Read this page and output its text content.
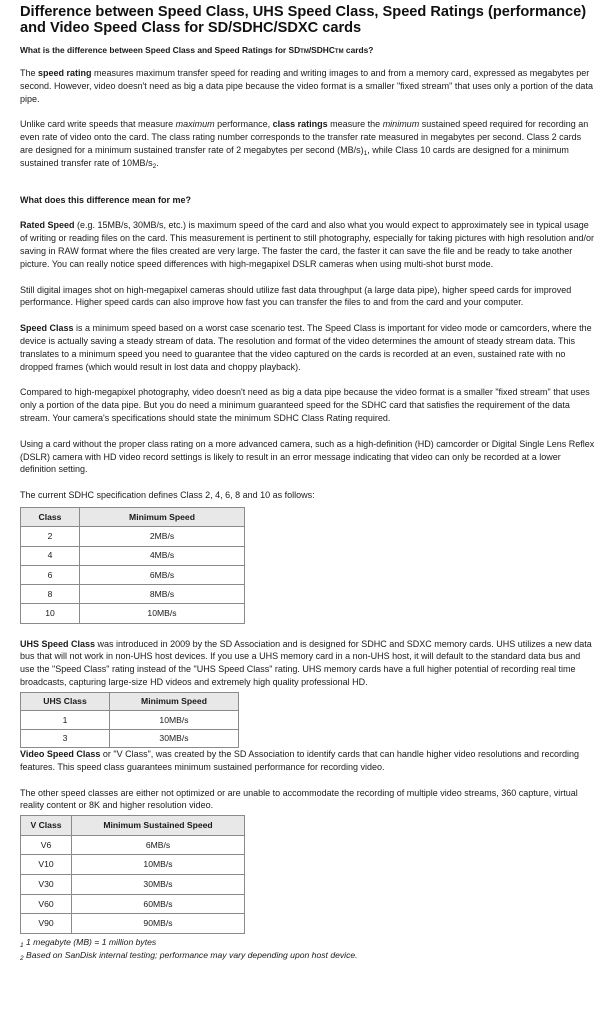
Difference between Speed Class, UHS Speed Class, Speed Ratings (performance) and Video Speed Class for SD/SDHC/SDXC cards

What is the difference between Speed Class and Speed Ratings for SDTM/SDHCTM cards?

The speed rating measures maximum transfer speed for reading and writing images to and from a memory card, expressed as megabytes per second. However, video doesn't need as big a data pipe because the video format is a smaller "fixed stream" that uses only a portion of the data pipe.

Unlike card write speeds that measure maximum performance, class ratings measure the minimum sustained speed required for recording an even rate of video onto the card. The class rating number corresponds to the transfer rate measured in megabytes per second. Class 2 cards are designed for a minimum sustained transfer rate of 2 megabytes per second $(MB/s)_1$, while Class 10 cards are designed for a minimum sustained transfer rate of $10MB/s_2$.

What does this difference mean for me?

Rated Speed (e.g. 15MB/s, 30MB/s, etc.) is maximum speed of the card and also what you would expect to approximately see in typical usage of writing or reading files on the card. This measurement is pertinent to still photography, especially for taking pictures with high resolution and/or saving in RAW format where the files created are very large. The faster the card, the faster it can save the file and be ready to take another picture. You can really notice speed differences with high-megapixel DSLR cameras when using multi-shot burst mode.

Still digital images shot on high-megapixel cameras should utilize fast data throughput (a large data pipe), higher speed cards for improved performance. Higher speed cards can also improve how fast you can transfer the files to and from the card and your computer.

Speed Class is a minimum speed based on a worst case scenario test. The Speed Class is important for video mode or camcorders, where the device is actually saving a steady stream of data. The resolution and format of the video determines the amount of steady stream data. This translates to a minimum speed you need to guarantee that the video captured on the cards is recorded at an even, sustained rate with no dropped frames (which would result in lost data and choppy playback).

Compared to high-megapixel photography, video doesn't need as big a data pipe because the video format is a smaller "fixed stream" that uses only a portion of the data pipe. But you do need a minimum guaranteed speed for the SDHC card that satisfies the requirement of the data stream. Your camera's specifications should state the minimum SDHC Class Rating required.

Using a card without the proper class rating on a more advanced camera, such as a high-definition (HD) camcorder or Digital Single Lens Reflex (DSLR) camera with HD video record settings is likely to result in an error message indicating that video can only be recorded at a lower definition setting.

The current SDHC specification defines Class 2, 4, 6, 8 and 10 as follows:

Class	Minimum Speed
2	2MB/s
4	4MB/s
6	6MB/s
8	8MB/s
10	10MB/s

UHS Speed Class was introduced in 2009 by the SD Association and is designed for SDHC and SDXC memory cards. UHS utilizes a new data bus that will not work in non-UHS host devices. If you use a UHS memory card in a non-UHS host, it will default to the standard data bus and use the "Speed Class" rating instead of the "UHS Speed Class" rating. UHS memory cards have a full higher potential of recording real time broadcasts, capturing large-size HD videos and extremely high quality professional HD.

UHS Class	Minimum Speed
1	10MB/s
3	30MB/s

Video Speed Class or "V Class", was created by the SD Association to identify cards that can handle higher video resolutions and recording features. This speed class guarantees minimum sustained performance for recording video.

The other speed classes are either not optimized or are unable to accommodate the recording of multiple video streams, 360 capture, virtual reality content or 8K and higher resolution video.

V Class	Minimum Sustained Speed
V6	6MB/s
V10	10MB/s
V30	30MB/s
V60	60MB/s
V90	90MB/s

$_1$ 1 megabyte (MB) = 1 million bytes

$_2$ Based on SanDisk internal testing; performance may vary depending upon host device.
